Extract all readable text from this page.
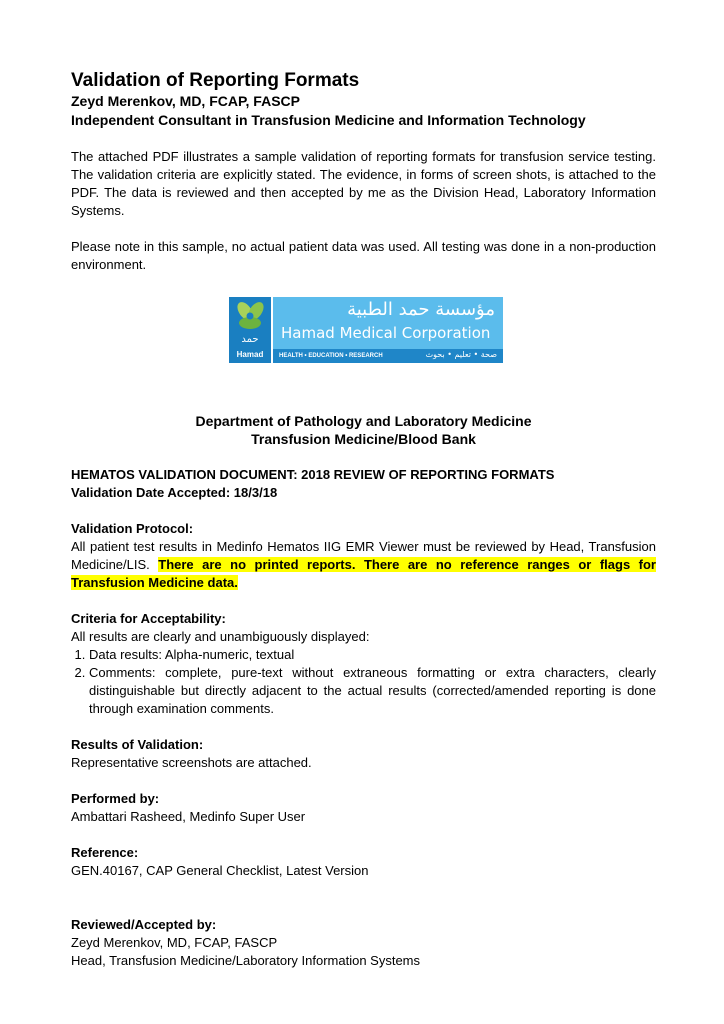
Validation of Reporting Formats

Zeyd Merenkov, MD, FCAP, FASCP

Independent Consultant in Transfusion Medicine and Information Technology

The attached PDF illustrates a sample validation of reporting formats for transfusion service testing. The validation criteria are explicitly stated. The evidence, in forms of screen shots, is attached to the PDF. The data is reviewed and then accepted by me as the Division Head, Laboratory Information Systems.

Please note in this sample, no actual patient data was used. All testing was done in a non-production environment.

Department of Pathology and Laboratory Medicine

Transfusion Medicine/Blood Bank

HEMATOS VALIDATION DOCUMENT: 2018 REVIEW OF REPORTING FORMATS

Validation Date Accepted: 18/3/18

Validation Protocol:

All patient test results in Medinfo Hematos IIG EMR Viewer must be reviewed by Head, Transfusion Medicine/LIS. There are no printed reports. There are no reference ranges or flags for Transfusion Medicine data.

Criteria for Acceptability:

All results are clearly and unambiguously displayed:

1. Data results: Alpha-numeric, textual
2. Comments: complete, pure-text without extraneous formatting or extra characters, clearly distinguishable but directly adjacent to the actual results (corrected/amended reporting is done through examination comments.

Results of Validation:

Representative screenshots are attached.

Performed by:

Ambattari Rasheed, Medinfo Super User

Reference:

GEN.40167, CAP General Checklist, Latest Version

Reviewed/Accepted by:

Zeyd Merenkov, MD, FCAP, FASCP

Head, Transfusion Medicine/Laboratory Information Systems

حمد
Hamad
مؤسسة حمد الطبية
Hamad Medical Corporation
HEALTH • EDUCATION • RESEARCH	صحة • تعليم • بحوث
